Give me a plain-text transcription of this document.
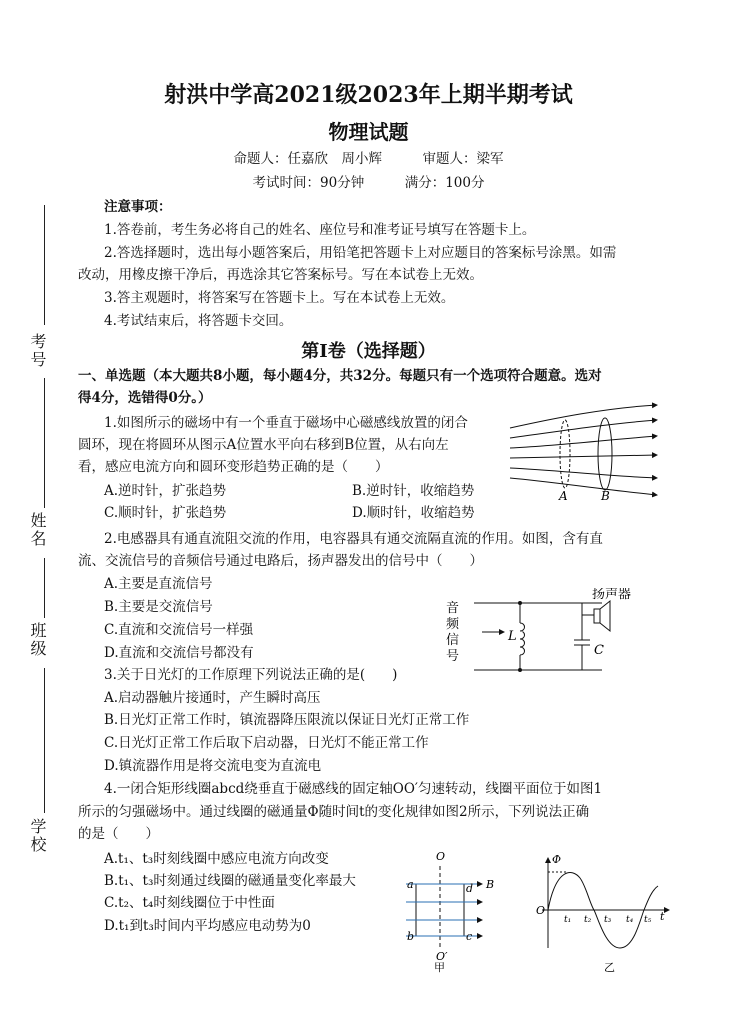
射洪中学高2021级2023年上期半期考试
物理试题
命题人：任嘉欣　周小辉　　　审题人：梁军
考试时间：90分钟　　　满分：100分
考号
姓名
班级
学校
注意事项：
1.答卷前，考生务必将自己的姓名、座位号和准考证号填写在答题卡上。
2.答选择题时，选出每小题答案后，用铅笔把答题卡上对应题目的答案标号涂黑。如需
改动，用橡皮擦干净后，再选涂其它答案标号。写在本试卷上无效。
3.答主观题时，将答案写在答题卡上。写在本试卷上无效。
4.考试结束后，将答题卡交回。
第I卷（选择题）
一、单选题（本大题共8小题，每小题4分，共32分。每题只有一个选项符合题意。选对
得4分，选错得0分。）
1.如图所示的磁场中有一个垂直于磁场中心磁感线放置的闭合
圆环，现在将圆环从图示A位置水平向右移到B位置，从右向左
看，感应电流方向和圆环变形趋势正确的是（　　）
A.逆时针，扩张趋势	B.逆时针，收缩趋势
C.顺时针，扩张趋势	D.顺时针，收缩趋势
A	B
2.电感器具有通直流阻交流的作用，电容器具有通交流隔直流的作用。如图，含有直
流、交流信号的音频信号通过电路后，扬声器发出的信号中（　　）
A.主要是直流信号
B.主要是交流信号
C.直流和交流信号一样强
D.直流和交流信号都没有
扬声器
音
频
信
号
L
C
3.关于日光灯的工作原理下列说法正确的是(　　)
A.启动器触片接通时，产生瞬时高压
B.日光灯正常工作时，镇流器降压限流以保证日光灯正常工作
C.日光灯正常工作后取下启动器，日光灯不能正常工作
D.镇流器作用是将交流电变为直流电
4.一闭合矩形线圈abcd绕垂直于磁感线的固定轴OO′匀速转动，线圈平面位于如图1
所示的匀强磁场中。通过线圈的磁通量Φ随时间t的变化规律如图2所示，下列说法正确
的是（　　）
A.t₁、t₃时刻线圈中感应电流方向改变
B.t₁、t₃时刻通过线圈的磁通量变化率最大
C.t₂、t₄时刻线圈位于中性面
D.t₁到t₃时间内平均感应电动势为0
O
O′
a
b	c
d B
甲
Φ
O	t
t₁ t₂ t₃ t₄ t₅
乙
